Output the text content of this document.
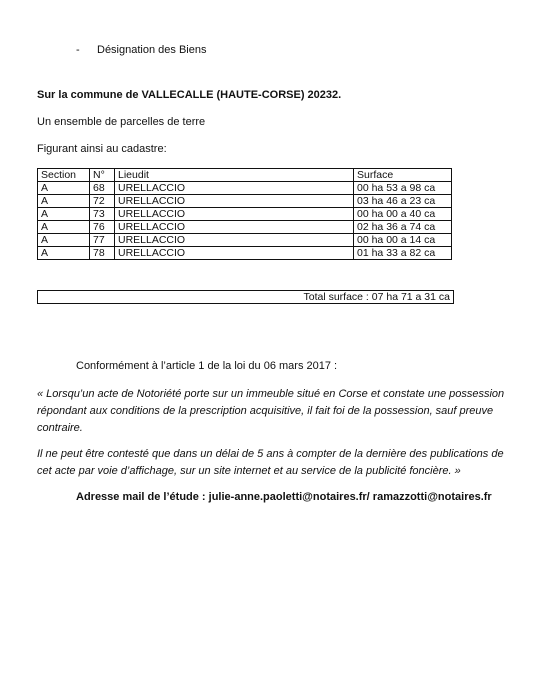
- Désignation des Biens
Sur la commune de VALLECALLE (HAUTE-CORSE) 20232.
Un ensemble de parcelles de terre
Figurant ainsi au cadastre:
Section	N°	Lieudit	Surface
A	68	URELLACCIO	00 ha 53 a 98 ca
A	72	URELLACCIO	03 ha 46 a 23 ca
A	73	URELLACCIO	00 ha 00 a 40 ca
A	76	URELLACCIO	02 ha 36 a 74 ca
A	77	URELLACCIO	00 ha 00 a 14 ca
A	78	URELLACCIO	01 ha 33 a 82 ca
Total surface : 07 ha 71 a 31 ca
Conformément à l’article 1 de la loi du 06 mars 2017 :
« Lorsqu’un acte de Notoriété porte sur un immeuble situé en Corse et constate une possession répondant aux conditions de la prescription acquisitive, il fait foi de la possession, sauf preuve contraire.
Il ne peut être contesté que dans un délai de 5 ans à compter de la dernière des publications de cet acte par voie d’affichage, sur un site internet et au service de la publicité foncière. »
Adresse mail de l’étude : julie-anne.paoletti@notaires.fr/ ramazzotti@notaires.fr
